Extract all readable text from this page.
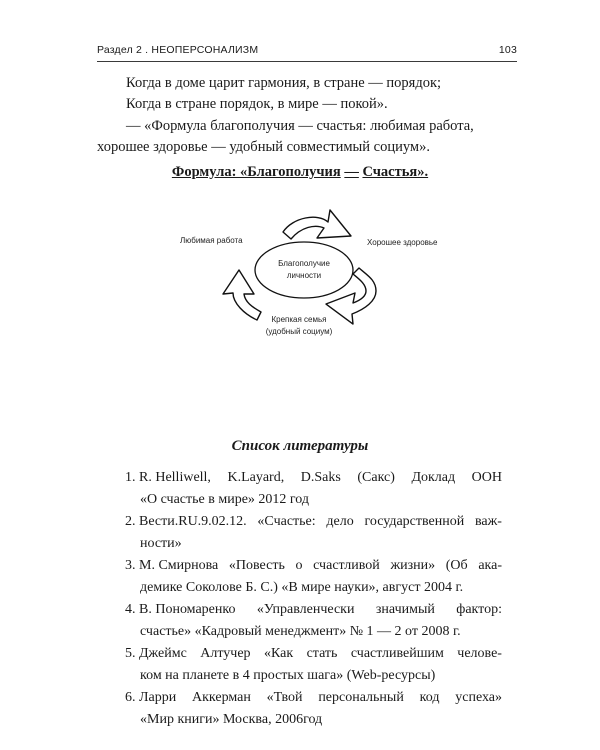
Раздел 2 . НЕОПЕРСОНАЛИЗМ	103
Когда в доме царит гармония, в стране — порядок;
Когда в стране порядок, в мире — покой».
— «Формула благополучия — счастья: любимая работа,
хорошее здоровье — удобный совместимый социум».
Формула: «Благополучия — Счастья».
Любимая работа	Хорошее здоровье
Благополучие
личности
Крепкая семья
(удобный социум)
Список литературы
1. R. Helliwell, K.Layard, D.Saks (Сакс) Доклад ООН
«О счастье в мире» 2012 год
2. Вести.RU.9.02.12. «Счастье: дело государственной важ-
ности»
3. М. Смирнова «Повесть о счастливой жизни» (Об ака-
демике Соколове Б. С.) «В мире науки», август 2004 г.
4. В. Пономаренко «Управленчески значимый фактор:
счастье» «Кадровый менеджмент» № 1 — 2 от 2008 г.
5. Джеймс Алтучер «Как стать счастливейшим челове-
ком на планете в 4 простых шага» (Web-ресурсы)
6. Ларри Аккерман «Твой персональный код успеха»
«Мир книги» Москва, 2006год
